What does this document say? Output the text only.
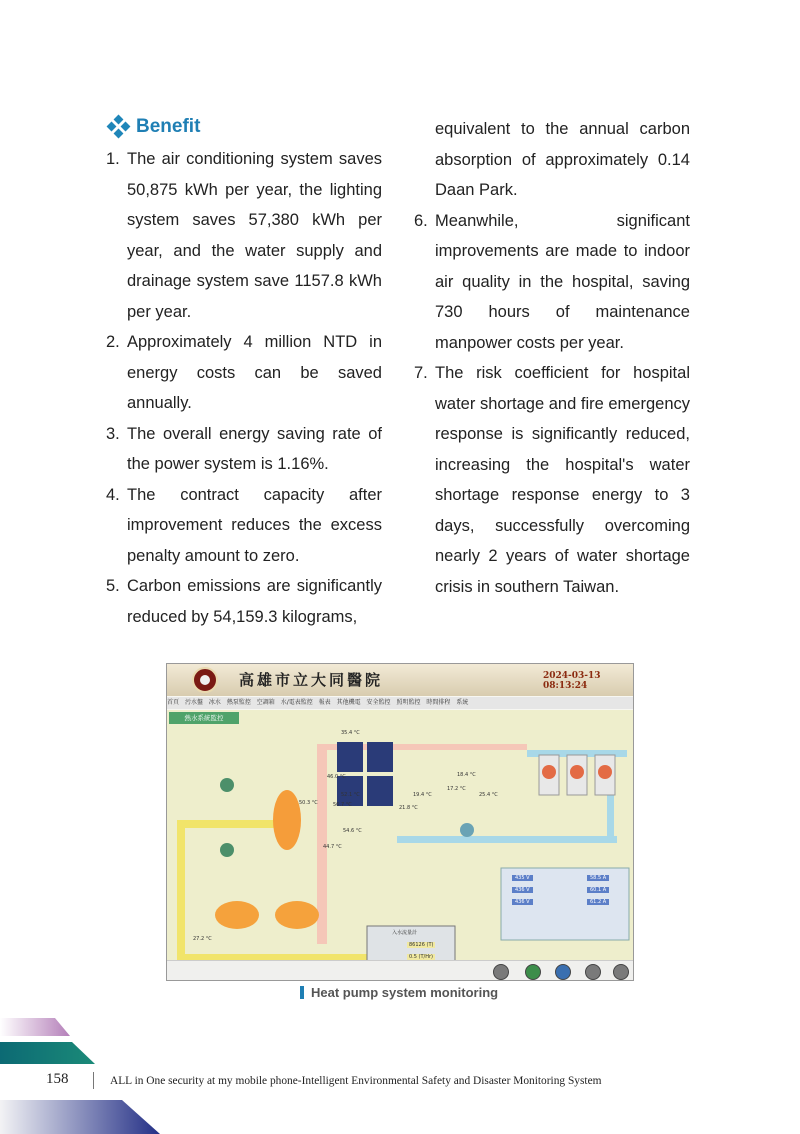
Benefit
1. The air conditioning system saves 50,875 kWh per year, the lighting system saves 57,380 kWh per year, and the water supply and drainage system save 1157.8 kWh per year.
2. Approximately 4 million NTD in energy costs can be saved annually.
3. The overall energy saving rate of the power system is 1.16%.
4. The contract capacity after improvement reduces the excess penalty amount to zero.
5. Carbon emissions are significantly reduced by 54,159.3 kilograms,
equivalent to the annual carbon absorption of approximately 0.14 Daan Park.
6. Meanwhile, significant improvements are made to indoor air quality in the hospital, saving 730 hours of maintenance manpower costs per year.
7. The risk coefficient for hospital water shortage and fire emergency response is significantly reduced, increasing the hospital's water shortage response energy to 3 days, successfully overcoming nearly 2 years of water shortage crisis in southern Taiwan.
高雄市立大同醫院	2024-03-13 08:13:24
首頁 污水盤 冰水 熱泵監控 空調箱 水/電表監控 報表 其他機電 安全監控 照明監控 時間排程 系統
熱水系統監控
435 V
436 V
436 V
58.5 A
60.1 A
61.2 A
入水流量計
86126 (T)
0.5 (T/Hr)
35.4 °C
18.4 °C
52.1 °C
56.7 °C
19.4 °C
21.8 °C
17.2 °C
25.4 °C
50.3 °C
54.6 °C
44.7 °C
27.2 °C
46.0 °C
Heat pump system monitoring
158	ALL in One security at my mobile phone-Intelligent Environmental Safety and Disaster Monitoring System
